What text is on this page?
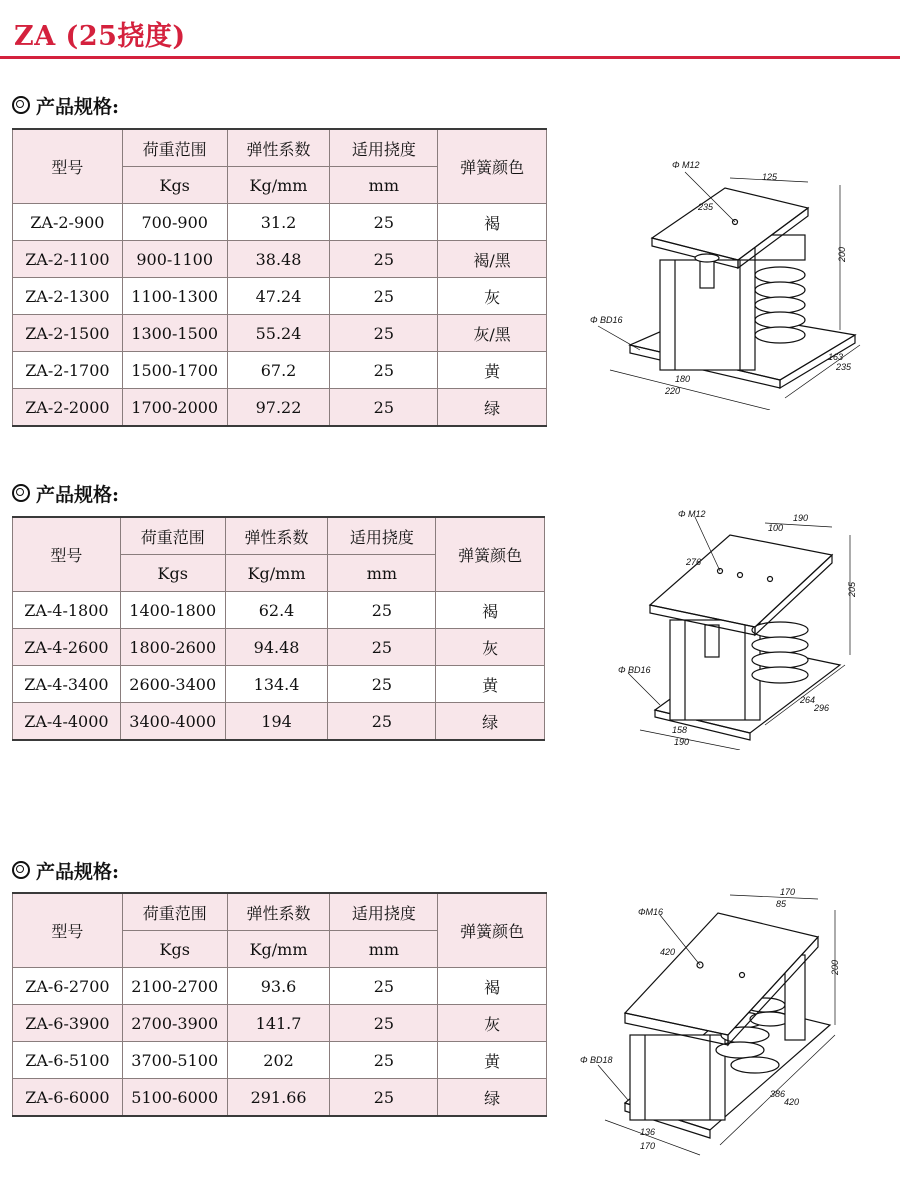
ZA (25挠度)
产品规格:
型号	荷重范围	弹性系数	适用挠度	弹簧颜色
	Kgs	Kg/mm	mm	
ZA-2-900	700-900	31.2	25	褐
ZA-2-1100	900-1100	38.48	25	褐/黑
ZA-2-1300	1100-1300	47.24	25	灰
ZA-2-1500	1300-1500	55.24	25	灰/黑
ZA-2-1700	1500-1700	67.2	25	黄
ZA-2-2000	1700-2000	97.22	25	绿
Φ M12
125
235
200
Φ BD16
180
220
163
235
产品规格:
型号	荷重范围	弹性系数	适用挠度	弹簧颜色
	Kgs	Kg/mm	mm	
ZA-4-1800	1400-1800	62.4	25	褐
ZA-4-2600	1800-2600	94.48	25	灰
ZA-4-3400	2600-3400	134.4	25	黄
ZA-4-4000	3400-4000	194	25	绿
Φ M12	190
100
276
205
Φ BD16
158
190
264
296
产品规格:
型号	荷重范围	弹性系数	适用挠度	弹簧颜色
	Kgs	Kg/mm	mm	
ZA-6-2700	2100-2700	93.6	25	褐
ZA-6-3900	2700-3900	141.7	25	灰
ZA-6-5100	3700-5100	202	25	黄
ZA-6-6000	5100-6000	291.66	25	绿
ΦM16
170
85
420
200
Φ BD18
136
170
386
420
